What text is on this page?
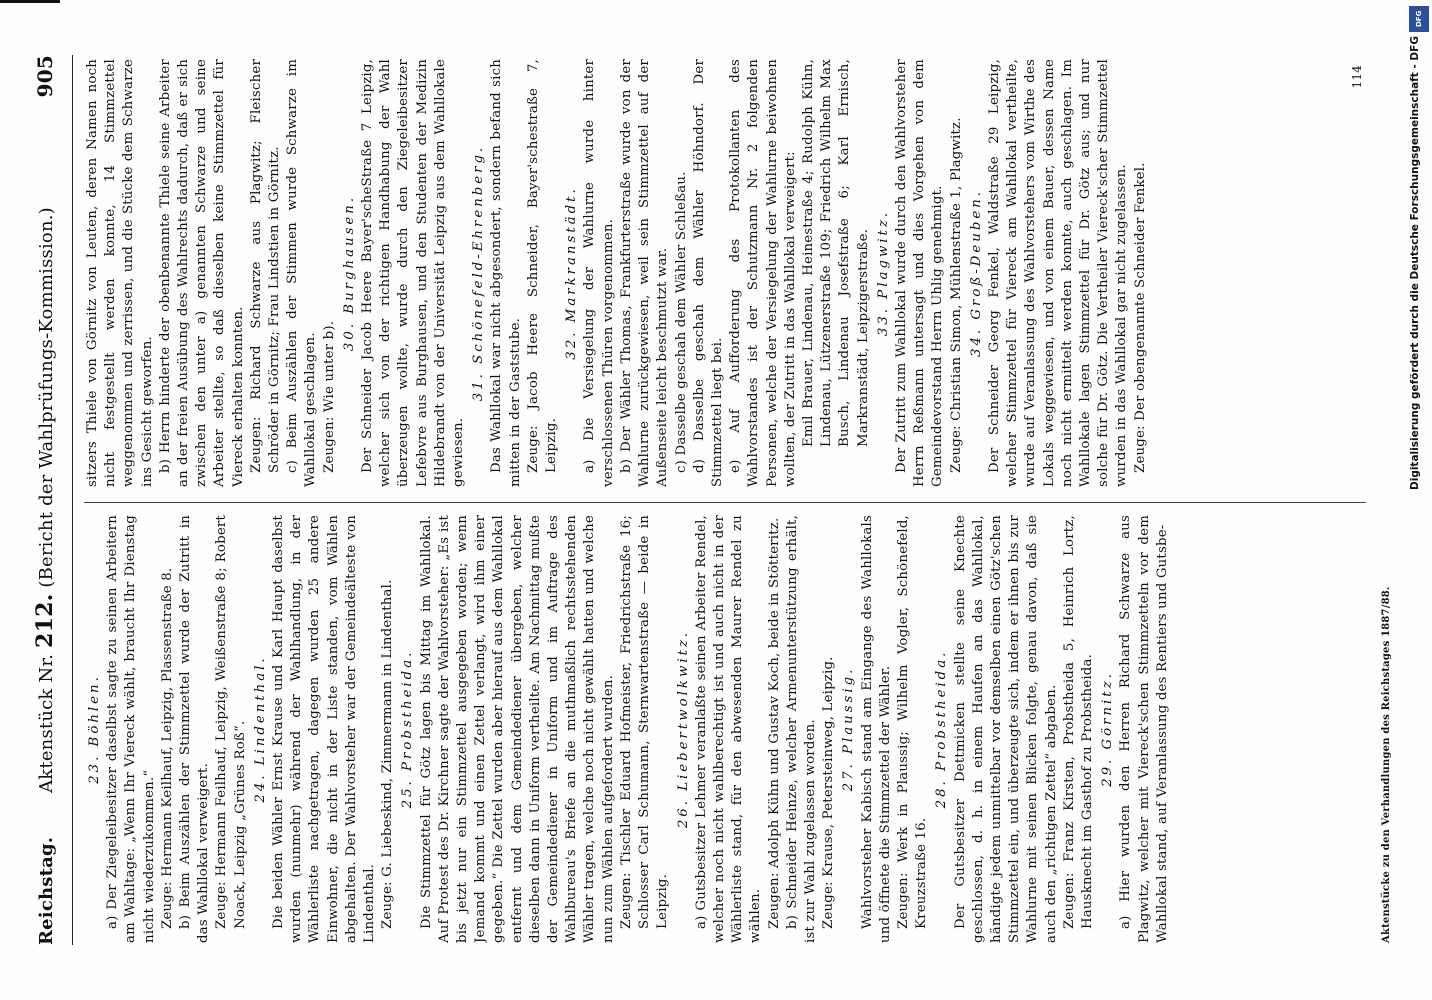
Reichstag.
Aktenstück Nr. 212. (Bericht der Wahlprüfungs-Kommission.)
905
23. Böhlen. a) Der Ziegeleibesitzer daselbst sagte zu seinen Arbeitern am Wahltage: „Wenn Ihr Viereck wählt, braucht Ihr Dienstag nicht wiederzukommen.“ Zeuge: Hermann Keilhauf, Leipzig, Plassenstraße 8. b) Beim Auszählen der Stimmzettel wurde der Zutritt in das Wahllokal verweigert. Zeuge: Hermann Feilhauf, Leipzig, Weißenstraße 8; Robert Noack, Leipzig „Grünes Roß“. 24. Lindenthal. Die beiden Wähler Ernst Krause und Karl Haupt daselbst wurden (nunmehr) während der Wahlhandlung, in der Wählerliste nachgetragen, dagegen wurden 25 andere Einwohner, die nicht in der Liste standen, vom Wählen abgehalten. Der Wahlvorsteher war der Gemeindeälteste von Lindenthal. Zeuge: G. Liebeskind, Zimmermann in Lindenthal. 25. Probstheida. Die Stimmzettel für Götz lagen bis Mittag im Wahllokal. Auf Protest des Dr. Kirchner sagte der Wahlvorsteher: „Es ist bis jetzt nur ein Stimmzettel ausgegeben worden; wenn Jemand kommt und einen Zettel verlangt, wird ihm einer gegeben.“ Die Zettel wurden aber hierauf aus dem Wahllokal entfernt und dem Gemeindediener übergeben, welcher dieselben dann in Uniform vertheilte. Am Nachmittag mußte der Gemeindediener in Uniform und im Auftrage des Wahlbureau's Briefe an die muthmaßlich rechtsstehenden Wähler tragen, welche noch nicht gewählt hatten und welche nun zum Wählen aufgefordert wurden. Zeugen: Tischler Eduard Hofmeister, Friedrichstraße 16; Schlosser Carl Schumann, Sternwartenstraße — beide in Leipzig.

26. Liebertwolkwitz. a) Gutsbesitzer Lehmer veranlaßte seinen Arbeiter Rendel, welcher noch nicht wahlberechtigt ist und auch nicht in der Wählerliste stand, für den abwesenden Maurer Rendel zu wählen. Zeugen: Adolph Kühn und Gustav Koch, beide in Stötteritz. b) Schneider Heinze, welcher Armenunterstützung erhält, ist zur Wahl zugelassen worden. Zeuge: Krause, Petersteinweg, Leipzig. 27. Plaussig. Wahlvorsteher Kabisch stand am Eingange des Wahllokals und öffnete die Stimmzettel der Wähler. Zeugen: Werk in Plaussig; Wilhelm Vogler, Schönefeld, Kreuzstraße 16.

28. Probstheida. Der Gutsbesitzer Dettmicken stellte seine Knechte geschlossen, d. h. in einem Haufen an das Wahllokal, händigte jedem unmittelbar vor demselben einen Götz'schen Stimmzettel ein, und überzeugte sich, indem er ihnen bis zur Wahlurne mit seinen Blicken folgte, genau davon, daß sie auch den „richtigen Zettel“ abgaben. Zeugen: Franz Kirsten, Probstheida 5, Heinrich Lortz, Hausknecht im Gasthof zu Probstheida. 29. Görnitz. a) Hier wurden den Herren Richard Schwarze aus Plagwitz, welcher mit Viereck'schen Stimmzetteln vor dem Wahllokal stand, auf Veranlassung des Rentiers und Gutsbe-

sitzers Thiele von Görnitz von Leuten, deren Namen noch nicht festgestellt werden konnte, 14 Stimmzettel weggenommen und zerrissen, und die Stücke dem Schwarze ins Gesicht geworfen. b) Herrn hinderte der obenbenannte Thiele seine Arbeiter an der freien Ausübung des Wahlrechts dadurch, daß er sich zwischen den unter a) genannten Schwarze und seine Arbeiter stellte, so daß dieselben keine Stimmzettel für Viereck erhalten konnten. Zeugen: Richard Schwarze aus Plagwitz; Fleischer Schröder in Görnitz; Frau Lindstien in Görnitz. c) Beim Auszählen der Stimmen wurde Schwarze im Wahllokal geschlagen. Zeugen: Wie unter b).

30. Burghausen. Der Schneider Jacob Heere Bayer'scheStraße 7 Leipzig, welcher sich von der richtigen Handhabung der Wahl überzeugen wollte, wurde durch den Ziegeleibesitzer Lefebvre aus Burghausen, und den Studenten der Medizin Hildebrandt von der Universität Leipzig aus dem Wahllokale gewiesen.

31. Schönefeld-Ehrenberg. Das Wahllokal war nicht abgesondert, sondern befand sich mitten in der Gaststube. Zeuge: Jacob Heere Schneider, Bayer'schestraße 7, Leipzig.

32. Markranstädt. a) Die Versiegelung der Wahlurne wurde hinter verschlossenen Thüren vorgenommen. b) Der Wähler Thomas, Frankfurterstraße wurde von der Wahlurne zurückgewiesen, weil sein Stimmzettel auf der Außenseite leicht beschmutzt war. c) Dasselbe geschah dem Wähler Schleßau. d) Dasselbe geschah dem Wähler Höhndorf. Der Stimmzettel liegt bei. e) Auf Aufforderung des Protokollanten des Wahlvorstandes ist der Schutzmann Nr. 2 folgenden Personen, welche der Versiegelung der Wahlurne beiwohnen wollten, der Zutritt in das Wahllokal verweigert: Emil Brauer, Lindenau, Heinestraße 4; Rudolph Kühn, Lindenau, Lützenerstraße 109; Friedrich Wilhelm Max Busch, Lindenau Josefstraße 6; Karl Ernisch, Markranstädt, Leipzigerstraße. 33. Plagwitz. Der Zutritt zum Wahllokal wurde durch den Wahlvorsteher Herrn Reßmann untersagt und dies Vorgehen von dem Gemeindevorstand Herrn Uhlig genehmigt. Zeuge: Christian Simon, Mühlenstraße 1, Plagwitz. 34. Groß-Deuben. Der Schneider Georg Fenkel, Waldstraße 29 Leipzig, welcher Stimmzettel für Viereck am Wahllokal vertheilte, wurde auf Veranlassung des Wahlvorstehers vom Wirthe des Lokals weggewiesen, und von einem Bauer, dessen Name noch nicht ermittelt werden konnte, auch geschlagen. Im Wahllokale lagen Stimmzettel für Dr. Götz aus; und nur solche für Dr. Götz. Die Vertheiler Viereck'scher Stimmzettel wurden in das Wahllokal gar nicht zugelassen. Zeuge: Der obengenannte Schneider Fenkel.

Aktenstücke zu den Verhandlungen des Reichstages 1887/88.
114
DFG
Digitalisierung gefördert durch die Deutsche Forschungsgemeinschaft - DFG
